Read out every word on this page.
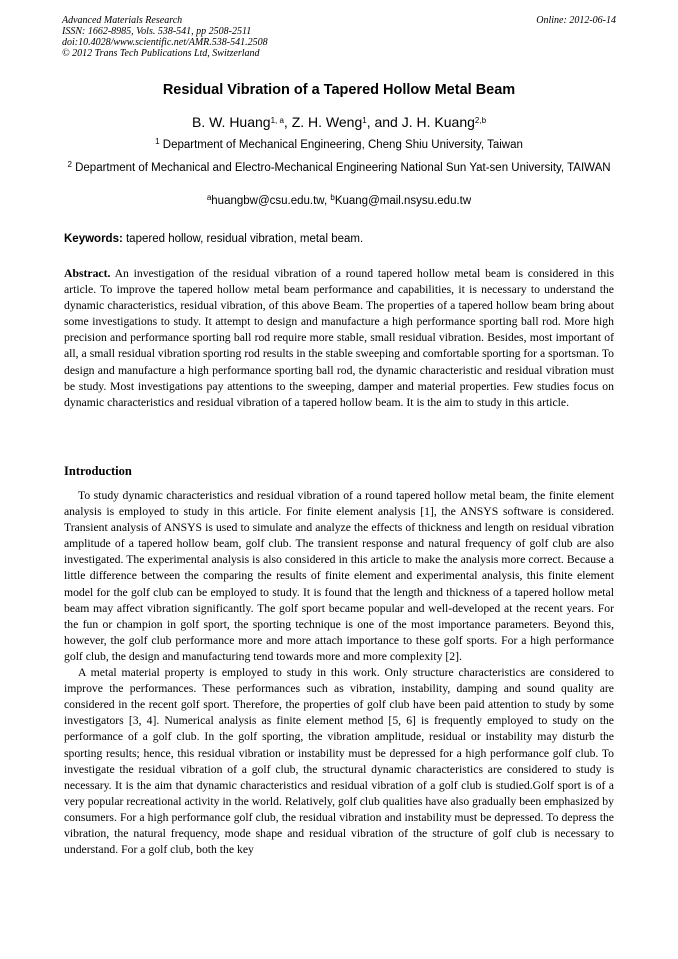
Advanced Materials Research
ISSN: 1662-8985, Vols. 538-541, pp 2508-2511
doi:10.4028/www.scientific.net/AMR.538-541.2508
© 2012 Trans Tech Publications Ltd, Switzerland
Online: 2012-06-14
Residual Vibration of a Tapered Hollow Metal Beam
B. W. Huang$^{1, a}$, Z. H. Weng$^1$, and J. H. Kuang$^{2,b}$
$^1$ Department of Mechanical Engineering, Cheng Shiu University, Taiwan
$^2$ Department of Mechanical and Electro-Mechanical Engineering National Sun Yat-sen University, TAIWAN
$^a$huangbw@csu.edu.tw, $^b$Kuang@mail.nsysu.edu.tw
Keywords: tapered hollow, residual vibration, metal beam.

Abstract. An investigation of the residual vibration of a round tapered hollow metal beam is considered in this article. To improve the tapered hollow metal beam performance and capabilities, it is necessary to understand the dynamic characteristics, residual vibration, of this above Beam. The properties of a tapered hollow beam bring about some investigations to study. It attempt to design and manufacture a high performance sporting ball rod. More high precision and performance sporting ball rod require more stable, small residual vibration. Besides, most important of all, a small residual vibration sporting rod results in the stable sweeping and comfortable sporting for a sportsman. To design and manufacture a high performance sporting ball rod, the dynamic characteristic and residual vibration must be study. Most investigations pay attentions to the sweeping, damper and material properties. Few studies focus on dynamic characteristics and residual vibration of a tapered hollow beam. It is the aim to study in this article.

Introduction

To study dynamic characteristics and residual vibration of a round tapered hollow metal beam, the finite element analysis is employed to study in this article. For finite element analysis [1], the ANSYS software is considered. Transient analysis of ANSYS is used to simulate and analyze the effects of thickness and length on residual vibration amplitude of a tapered hollow beam, golf club. The transient response and natural frequency of golf club are also investigated. The experimental analysis is also considered in this article to make the analysis more correct. Because a little difference between the comparing the results of finite element and experimental analysis, this finite element model for the golf club can be employed to study. It is found that the length and thickness of a tapered hollow metal beam may affect vibration significantly. The golf sport became popular and well-developed at the recent years. For the fun or champion in golf sport, the sporting technique is one of the most importance parameters. Beyond this, however, the golf club performance more and more attach importance to these golf sports. For a high performance golf club, the design and manufacturing tend towards more and more complexity [2].

A metal material property is employed to study in this work. Only structure characteristics are considered to improve the performances. These performances such as vibration, instability, damping and sound quality are considered in the recent golf sport. Therefore, the properties of golf club have been paid attention to study by some investigators [3, 4]. Numerical analysis as finite element method [5, 6] is frequently employed to study on the performance of a golf club. In the golf sporting, the vibration amplitude, residual or instability may disturb the sporting results; hence, this residual vibration or instability must be depressed for a high performance golf club. To investigate the residual vibration of a golf club, the structural dynamic characteristics are considered to study is necessary. It is the aim that dynamic characteristics and residual vibration of a golf club is studied.Golf sport is of a very popular recreational activity in the world. Relatively, golf club qualities have also gradually been emphasized by consumers. For a high performance golf club, the residual vibration and instability must be depressed. To depress the vibration, the natural frequency, mode shape and residual vibration of the structure of golf club is necessary to understand. For a golf club, both the key
